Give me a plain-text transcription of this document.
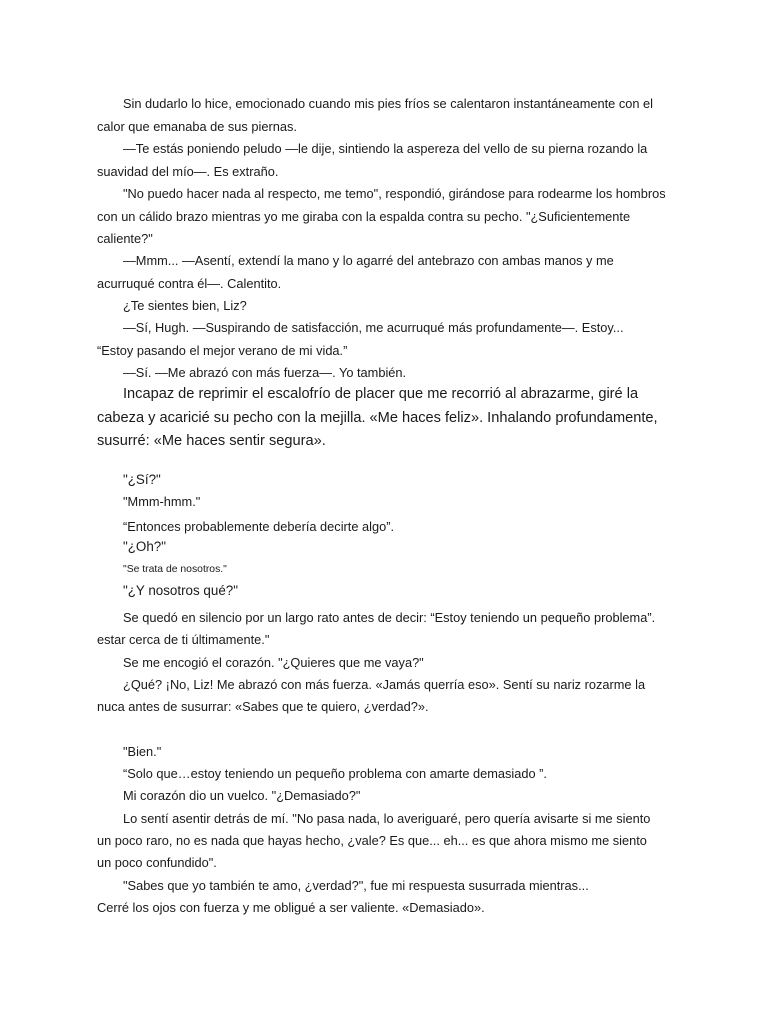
Sin dudarlo lo hice, emocionado cuando mis pies fríos se calentaron instantáneamente con el

calor que emanaba de sus piernas.

—Te estás poniendo peludo —le dije, sintiendo la aspereza del vello de su pierna rozando la

suavidad del mío—. Es extraño.

"No puedo hacer nada al respecto, me temo", respondió, girándose para rodearme los hombros

con un cálido brazo mientras yo me giraba con la espalda contra su pecho. "¿Suficientemente

caliente?"

—Mmm... —Asentí, extendí la mano y lo agarré del antebrazo con ambas manos y me

acurruqué contra él—. Calentito.

¿Te sientes bien, Liz?

—Sí, Hugh. —Suspirando de satisfacción, me acurruqué más profundamente—. Estoy...

“Estoy pasando el mejor verano de mi vida.”

—Sí. —Me abrazó con más fuerza—. Yo también.

Incapaz de reprimir el escalofrío de placer que me recorrió al abrazarme, giré la

cabeza y acaricié su pecho con la mejilla. «Me haces feliz». Inhalando profundamente,

susurré: «Me haces sentir segura».

"¿Sí?"

"Mmm-hmm."

“Entonces probablemente debería decirte algo”.

"¿Oh?"

"Se trata de nosotros."

"¿Y nosotros qué?"

Se quedó en silencio por un largo rato antes de decir: “Estoy teniendo un pequeño problema”.

estar cerca de ti últimamente."

Se me encogió el corazón. "¿Quieres que me vaya?"

¿Qué? ¡No, Liz! Me abrazó con más fuerza. «Jamás querría eso». Sentí su nariz rozarme la

nuca antes de susurrar: «Sabes que te quiero, ¿verdad?».

"Bien."

“Solo que…estoy teniendo un pequeño problema con amarte demasiado ”.

Mi corazón dio un vuelco. "¿Demasiado?"

Lo sentí asentir detrás de mí. "No pasa nada, lo averiguaré, pero quería avisarte si me siento

un poco raro, no es nada que hayas hecho, ¿vale? Es que... eh... es que ahora mismo me siento

un poco confundido".

"Sabes que yo también te amo, ¿verdad?", fue mi respuesta susurrada mientras...

Cerré los ojos con fuerza y me obligué a ser valiente. «Demasiado».
